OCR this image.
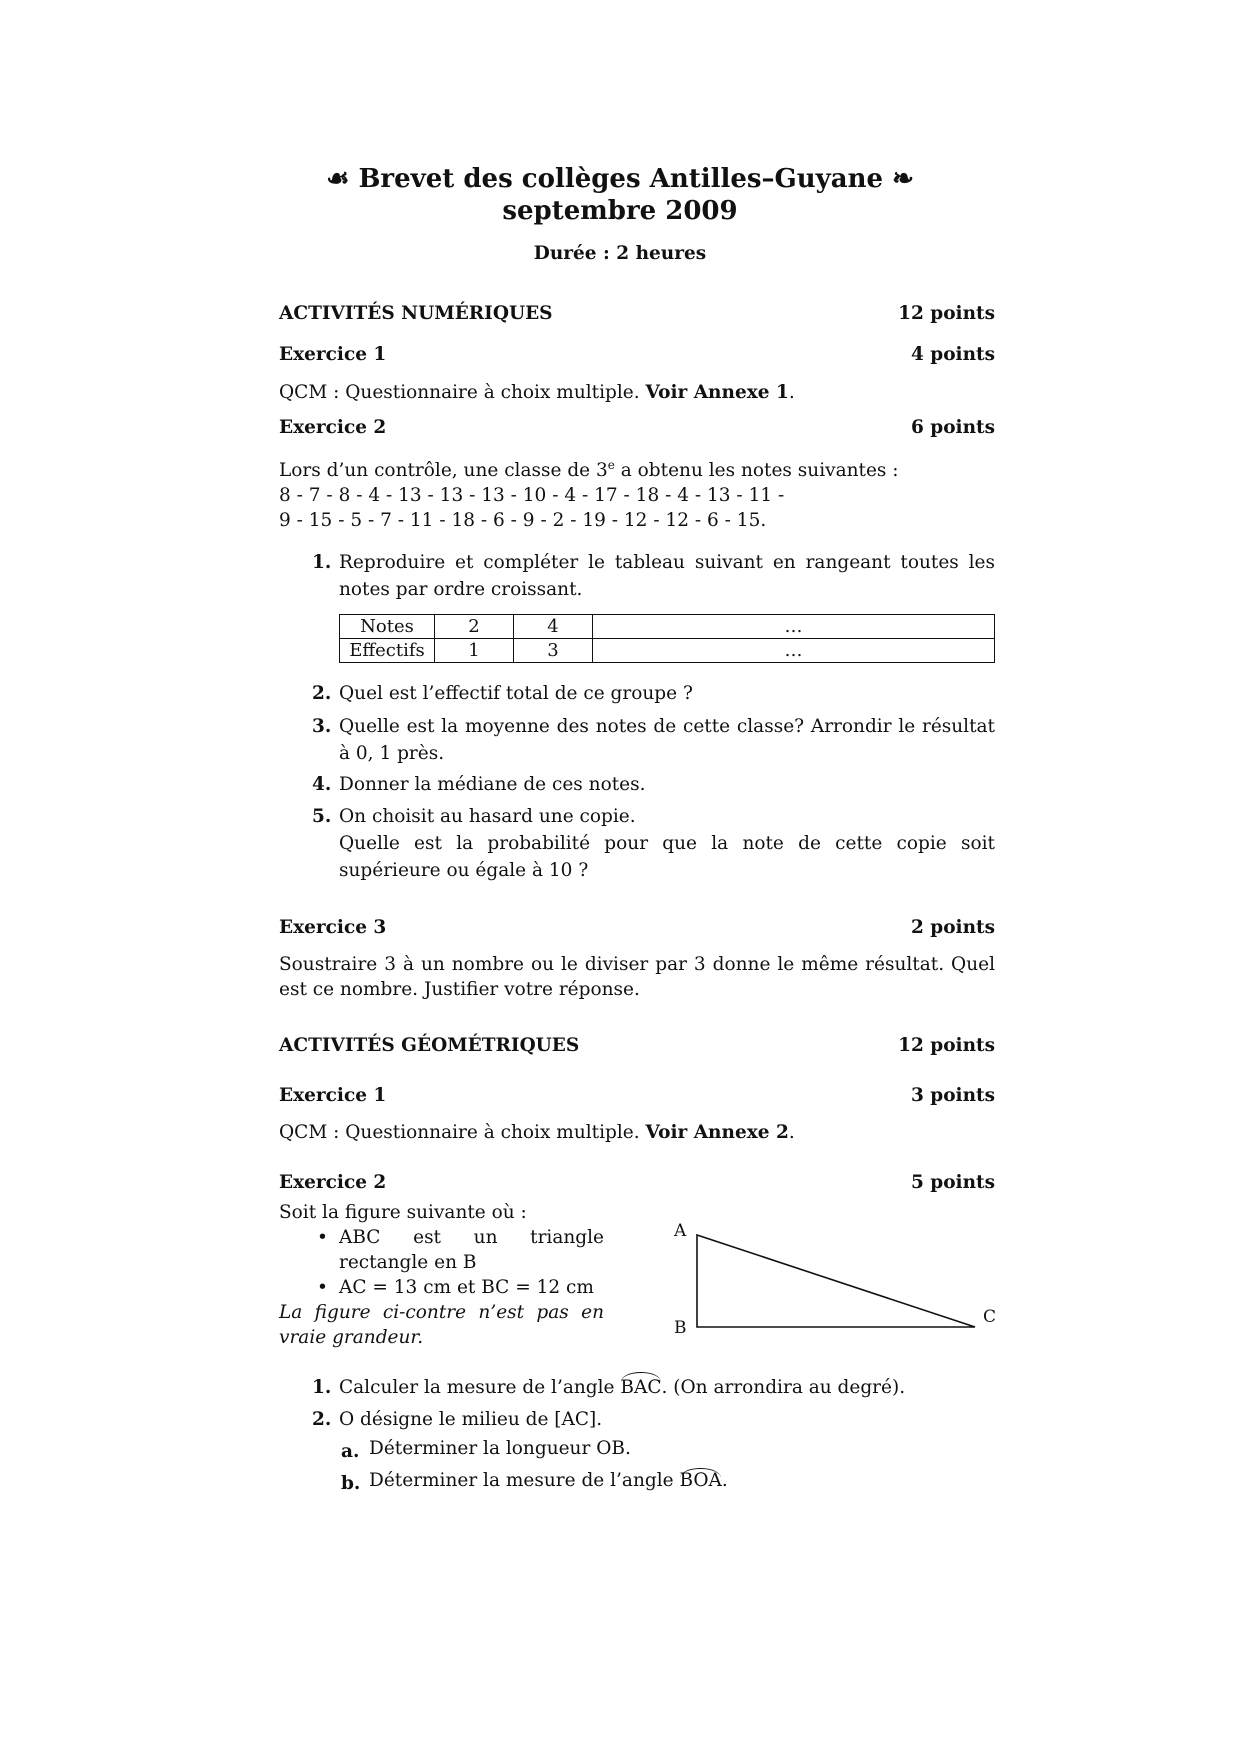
☙ Brevet des collèges Antilles–Guyane ❧
septembre 2009
Durée : 2 heures
ACTIVITÉS NUMÉRIQUES	12 points
Exercice 1	4 points
QCM : Questionnaire à choix multiple. Voir Annexe 1.
Exercice 2	6 points
Lors d’un contrôle, une classe de 3e a obtenu les notes suivantes :
8 - 7 - 8 - 4 - 13 - 13 - 13 - 10 - 4 - 17 - 18 - 4 - 13 - 11 -
9 - 15 - 5 - 7 - 11 - 18 - 6 - 9 - 2 - 19 - 12 - 12 - 6 - 15.
1. Reproduire et compléter le tableau suivant en rangeant toutes les notes par ordre croissant.
Notes	2	4	…
Effectifs	1	3	…
2. Quel est l’effectif total de ce groupe ?
3. Quelle est la moyenne des notes de cette classe? Arrondir le résultat à 0, 1 près.
4. Donner la médiane de ces notes.
5. On choisit au hasard une copie.
Quelle est la probabilité pour que la note de cette copie soit supérieure ou égale à 10 ?
Exercice 3	2 points
Soustraire 3 à un nombre ou le diviser par 3 donne le même résultat. Quel est ce nombre. Justifier votre réponse.
ACTIVITÉS GÉOMÉTRIQUES	12 points
Exercice 1	3 points
QCM : Questionnaire à choix multiple. Voir Annexe 2.
Exercice 2	5 points
Soit la figure suivante où :
• ABC est un triangle rectangle en B
• AC = 13 cm et BC = 12 cm
La figure ci-contre n’est pas en vraie grandeur.
A
B
C
1. Calculer la mesure de l’angle BAC. (On arrondira au degré).
2. O désigne le milieu de [AC].
a. Déterminer la longueur OB.
b. Déterminer la mesure de l’angle BOA.
